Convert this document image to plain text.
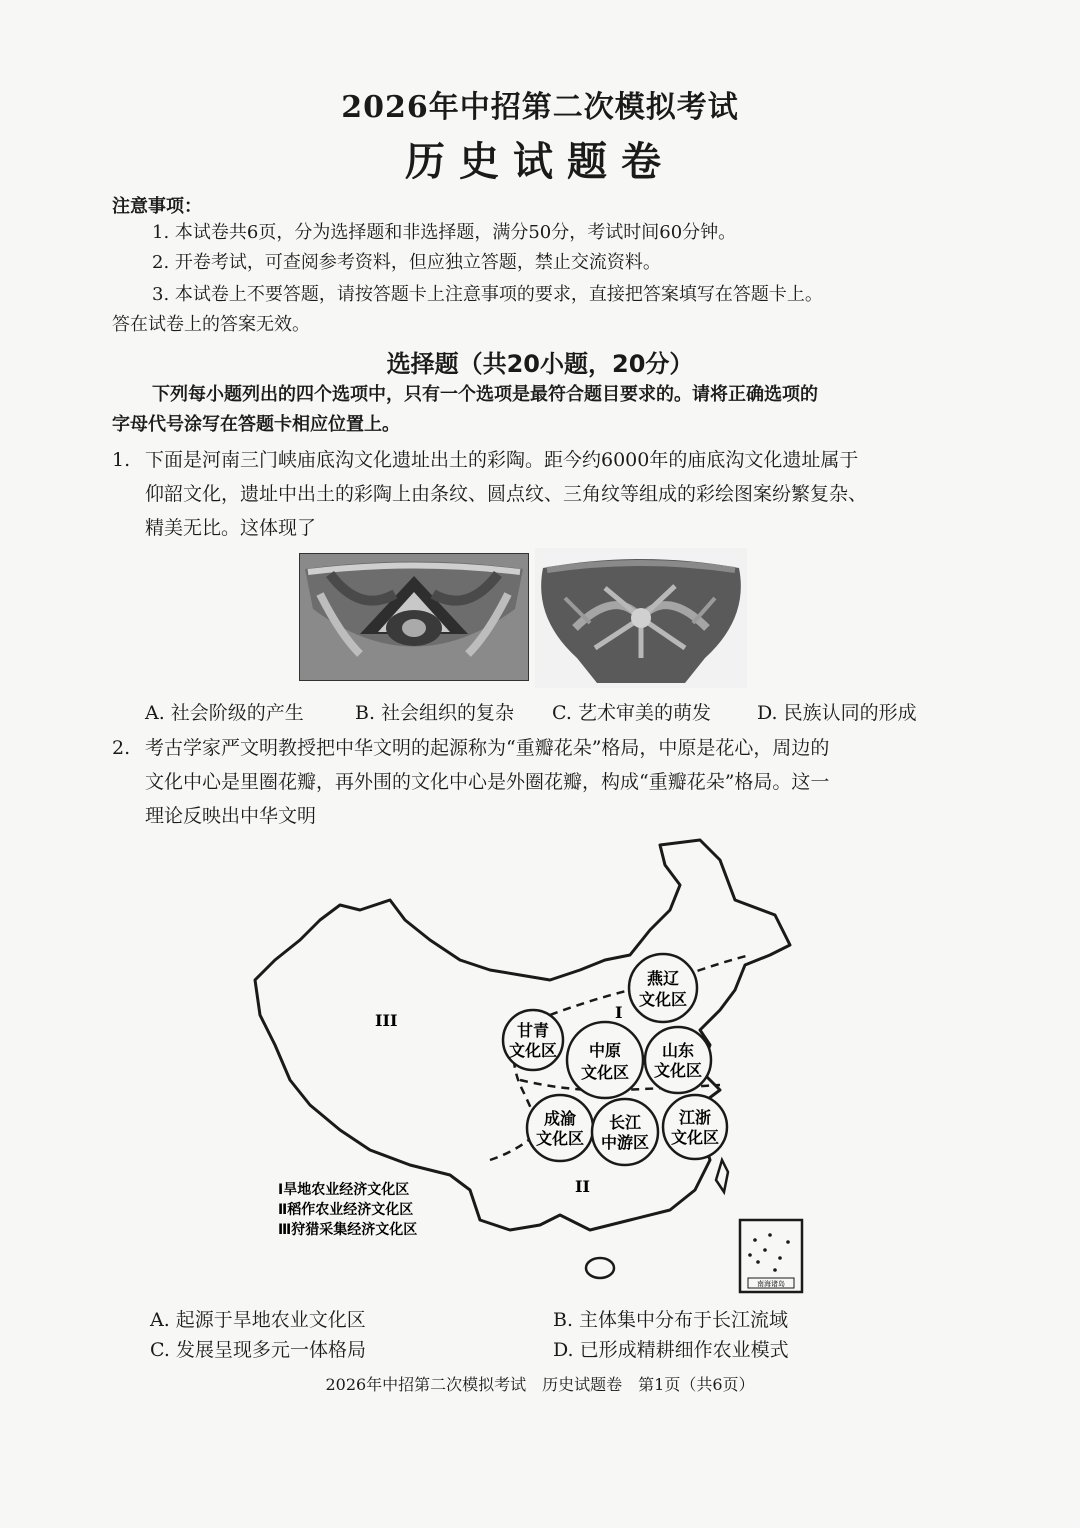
2026年中招第二次模拟考试
历史试题卷
注意事项：
1. 本试卷共6页，分为选择题和非选择题，满分50分，考试时间60分钟。
2. 开卷考试，可查阅参考资料，但应独立答题，禁止交流资料。
3. 本试卷上不要答题，请按答题卡上注意事项的要求，直接把答案填写在答题卡上。
答在试卷上的答案无效。
选择题（共20小题，20分）
下列每小题列出的四个选项中，只有一个选项是最符合题目要求的。请将正确选项的
字母代号涂写在答题卡相应位置上。
1. 下面是河南三门峡庙底沟文化遗址出土的彩陶。距今约6000年的庙底沟文化遗址属于
仰韶文化，遗址中出土的彩陶上由条纹、圆点纹、三角纹等组成的彩绘图案纷繁复杂、
精美无比。这体现了
A. 社会阶级的产生	B. 社会组织的复杂 C. 艺术审美的萌发 D. 民族认同的形成
2. 考古学家严文明教授把中华文明的起源称为“重瓣花朵”格局，中原是花心，周边的
文化中心是里圈花瓣，再外围的文化中心是外圈花瓣，构成“重瓣花朵”格局。这一
理论反映出中华文明
I
II
III
燕辽
文化区
甘青
文化区 中原
文化区
山东
文化区
成渝
文化区
长江
中游区
江浙
文化区
Ⅰ旱地农业经济文化区
Ⅱ稻作农业经济文化区
Ⅲ狩猎采集经济文化区
南海诸岛
A. 起源于旱地农业文化区	B. 主体集中分布于长江流域
C. 发展呈现多元一体格局	D. 已形成精耕细作农业模式
2026年中招第二次模拟考试　历史试题卷　第1页（共6页）
